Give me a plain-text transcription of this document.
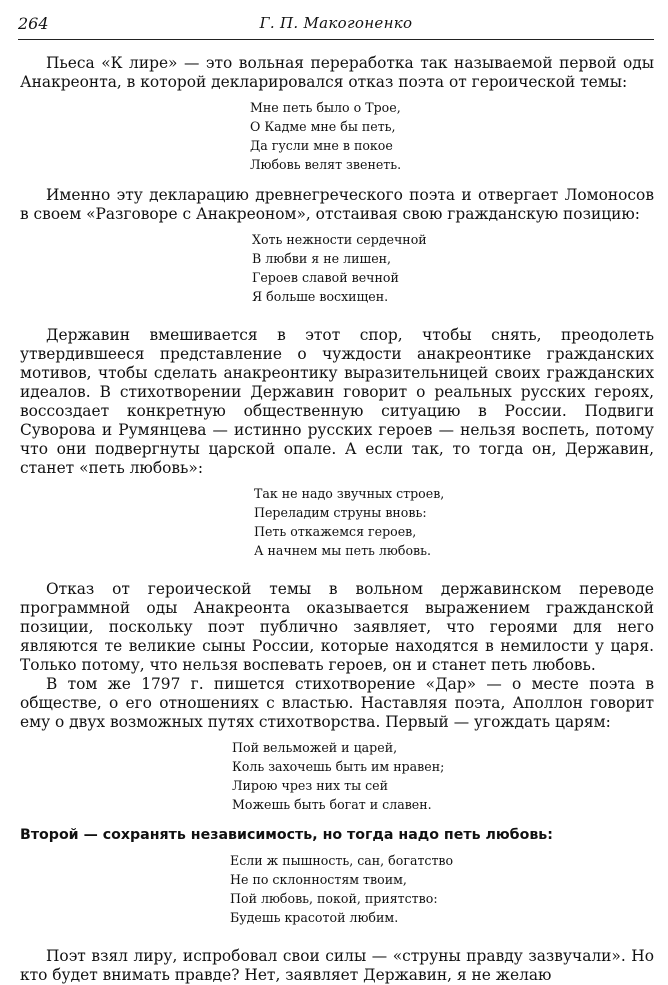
264	Г. П. Макогоненко

Пьеса «К лире» — это вольная переработка так называемой первой оды Анакреонта, в которой декларировался отказ поэта от героической темы:

Мне петь было о Трое,
О Кадме мне бы петь,
Да гусли мне в покое
Любовь велят звенеть.

Именно эту декларацию древнегреческого поэта и отвергает Ломоносов в своем «Разговоре с Анакреоном», отстаивая свою гражданскую позицию:

Хоть нежности сердечной
В любви я не лишен,
Героев славой вечной
Я больше восхищен.

Державин вмешивается в этот спор, чтобы снять, преодолеть утвердившееся представление о чуждости анакреонтике гражданских мотивов, чтобы сделать анакреонтику выразительницей своих гражданских идеалов. В стихотворении Державин говорит о реальных русских героях, воссоздает конкретную общественную ситуацию в России. Подвиги Суворова и Румянцева — истинно русских героев — нельзя воспеть, потому что они подвергнуты царской опале. А если так, то тогда он, Державин, станет «петь любовь»:

Так не надо звучных строев,
Переладим струны вновь:
Петь откажемся героев,
А начнем мы петь любовь.

Отказ от героической темы в вольном державинском переводе программной оды Анакреонта оказывается выражением гражданской позиции, поскольку поэт публично заявляет, что героями для него являются те великие сыны России, которые находятся в немилости у царя. Только потому, что нельзя воспевать героев, он и станет петь любовь.

В том же 1797 г. пишется стихотворение «Дар» — о месте поэта в обществе, о его отношениях с властью. Наставляя поэта, Аполлон говорит ему о двух возможных путях стихотворства. Первый — угождать царям:

Пой вельможей и царей,
Коль захочешь быть им нравен;
Лирою чрез них ты сей
Можешь быть богат и славен.

Второй — сохранять независимость, но тогда надо петь любовь:

Если ж пышность, сан, богатство
Не по склонностям твоим,
Пой любовь, покой, приятство:
Будешь красотой любим.

Поэт взял лиру, испробовал свои силы — «струны правду зазвучали». Но кто будет внимать правде? Нет, заявляет Державин, я не желаю
